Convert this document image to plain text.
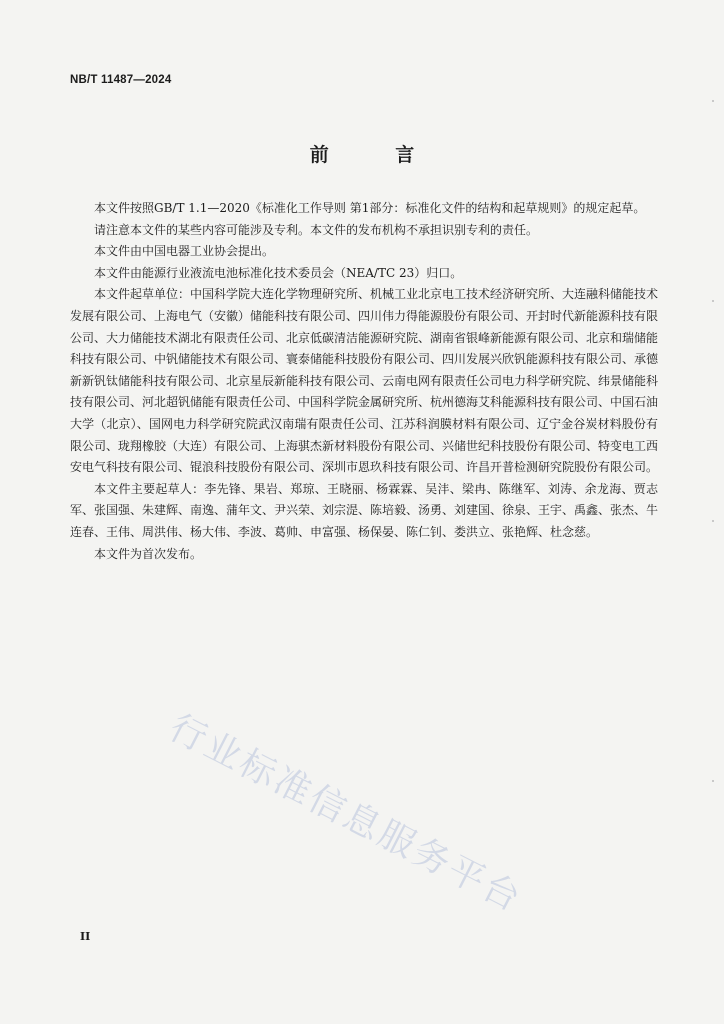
NB/T 11487—2024
前 言

本文件按照GB/T 1.1—2020《标准化工作导则 第1部分：标准化文件的结构和起草规则》的规定起草。

请注意本文件的某些内容可能涉及专利。本文件的发布机构不承担识别专利的责任。

本文件由中国电器工业协会提出。

本文件由能源行业液流电池标准化技术委员会（NEA/TC 23）归口。

本文件起草单位：中国科学院大连化学物理研究所、机械工业北京电工技术经济研究所、大连融科储能技术发展有限公司、上海电气（安徽）储能科技有限公司、四川伟力得能源股份有限公司、开封时代新能源科技有限公司、大力储能技术湖北有限责任公司、北京低碳清洁能源研究院、湖南省银峰新能源有限公司、北京和瑞储能科技有限公司、中钒储能技术有限公司、寰泰储能科技股份有限公司、四川发展兴欣钒能源科技有限公司、承德新新钒钛储能科技有限公司、北京星辰新能科技有限公司、云南电网有限责任公司电力科学研究院、纬景储能科技有限公司、河北超钒储能有限责任公司、中国科学院金属研究所、杭州德海艾科能源科技有限公司、中国石油大学（北京）、国网电力科学研究院武汉南瑞有限责任公司、江苏科润膜材料有限公司、辽宁金谷炭材料股份有限公司、珑翔橡胶（大连）有限公司、上海骐杰新材料股份有限公司、兴储世纪科技股份有限公司、特变电工西安电气科技有限公司、锟浪科技股份有限公司、深圳市恩玖科技有限公司、许昌开普检测研究院股份有限公司。

本文件主要起草人：李先锋、果岩、郑琼、王晓丽、杨霖霖、吴沣、梁冉、陈继军、刘涛、余龙海、贾志军、张国强、朱建辉、南逸、蒲年文、尹兴荣、刘宗湜、陈培毅、汤勇、刘建国、徐泉、王宇、禹鑫、张杰、牛连春、王伟、周洪伟、杨大伟、李波、葛帅、申富强、杨保晏、陈仁钊、娄洪立、张艳辉、杜念慈。

本文件为首次发布。

行业标准信息服务平台
II
